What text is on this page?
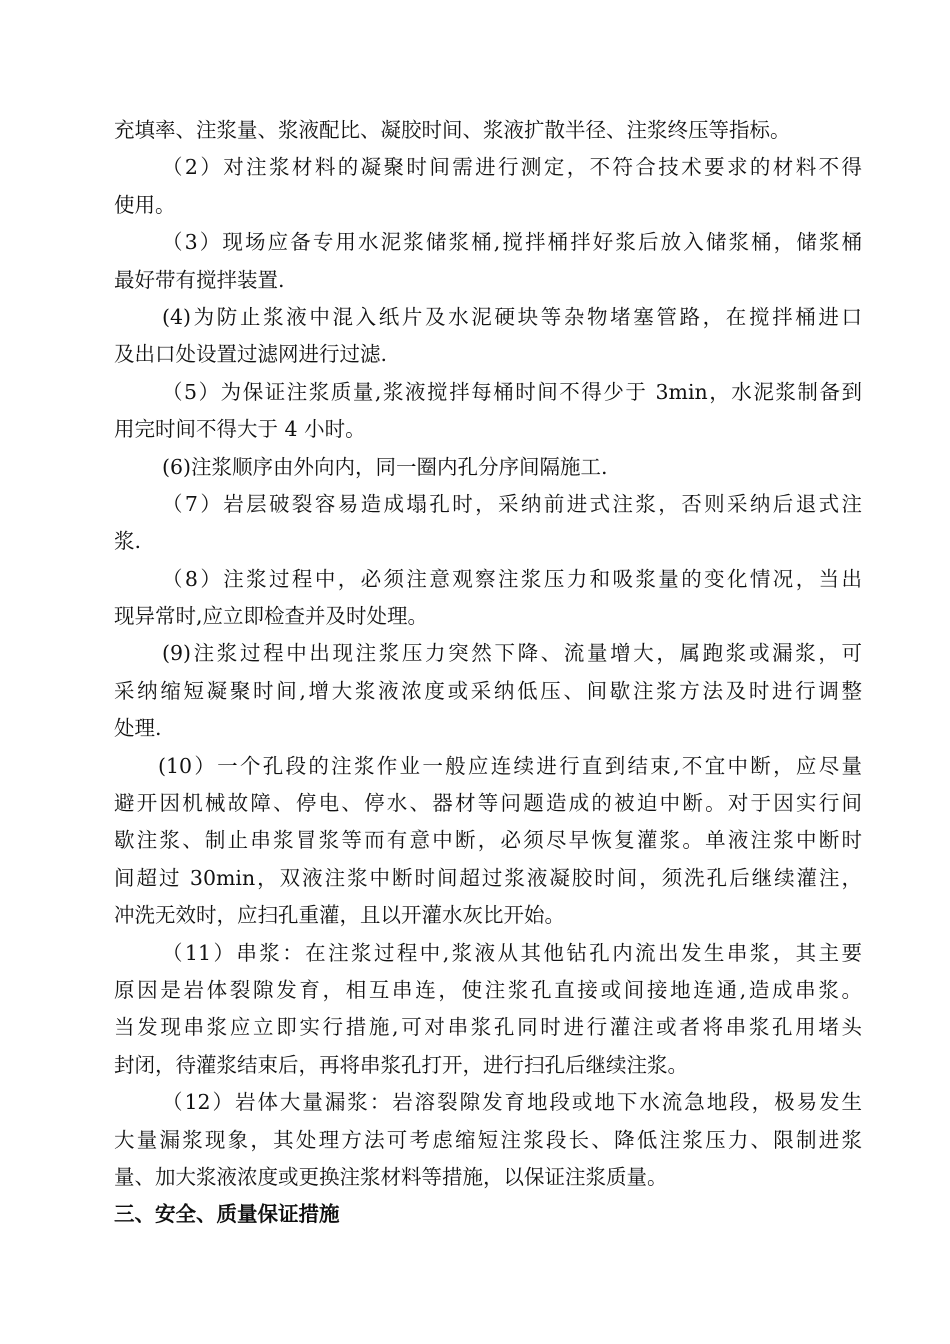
充填率、注浆量、浆液配比、凝胶时间、浆液扩散半径、注浆终压等指标。
（2）对注浆材料的凝聚时间需进行测定，不符合技术要求的材料不得
使用。
（3）现场应备专用水泥浆储浆桶,搅拌桶拌好浆后放入储浆桶，储浆桶
最好带有搅拌装置.
(4)为防止浆液中混入纸片及水泥硬块等杂物堵塞管路，在搅拌桶进口
及出口处设置过滤网进行过滤.
（5）为保证注浆质量,浆液搅拌每桶时间不得少于 3min，水泥浆制备到
用完时间不得大于 4 小时。
(6)注浆顺序由外向内，同一圈内孔分序间隔施工.
（7）岩层破裂容易造成塌孔时，采纳前进式注浆，否则采纳后退式注
浆.
（8）注浆过程中，必须注意观察注浆压力和吸浆量的变化情况，当出
现异常时,应立即检查并及时处理。
(9)注浆过程中出现注浆压力突然下降、流量增大，属跑浆或漏浆，可
采纳缩短凝聚时间,增大浆液浓度或采纳低压、间歇注浆方法及时进行调整
处理.
(10）一个孔段的注浆作业一般应连续进行直到结束,不宜中断，应尽量
避开因机械故障、停电、停水、器材等问题造成的被迫中断。对于因实行间
歇注浆、制止串浆冒浆等而有意中断，必须尽早恢复灌浆。单液注浆中断时
间超过 30min，双液注浆中断时间超过浆液凝胶时间，须洗孔后继续灌注，
冲洗无效时，应扫孔重灌，且以开灌水灰比开始。
（11）串浆：在注浆过程中,浆液从其他钻孔内流出发生串浆，其主要
原因是岩体裂隙发育，相互串连，使注浆孔直接或间接地连通,造成串浆。
当发现串浆应立即实行措施,可对串浆孔同时进行灌注或者将串浆孔用堵头
封闭，待灌浆结束后，再将串浆孔打开，进行扫孔后继续注浆。
（12）岩体大量漏浆：岩溶裂隙发育地段或地下水流急地段，极易发生
大量漏浆现象，其处理方法可考虑缩短注浆段长、降低注浆压力、限制进浆
量、加大浆液浓度或更换注浆材料等措施，以保证注浆质量。
三、安全、质量保证措施
